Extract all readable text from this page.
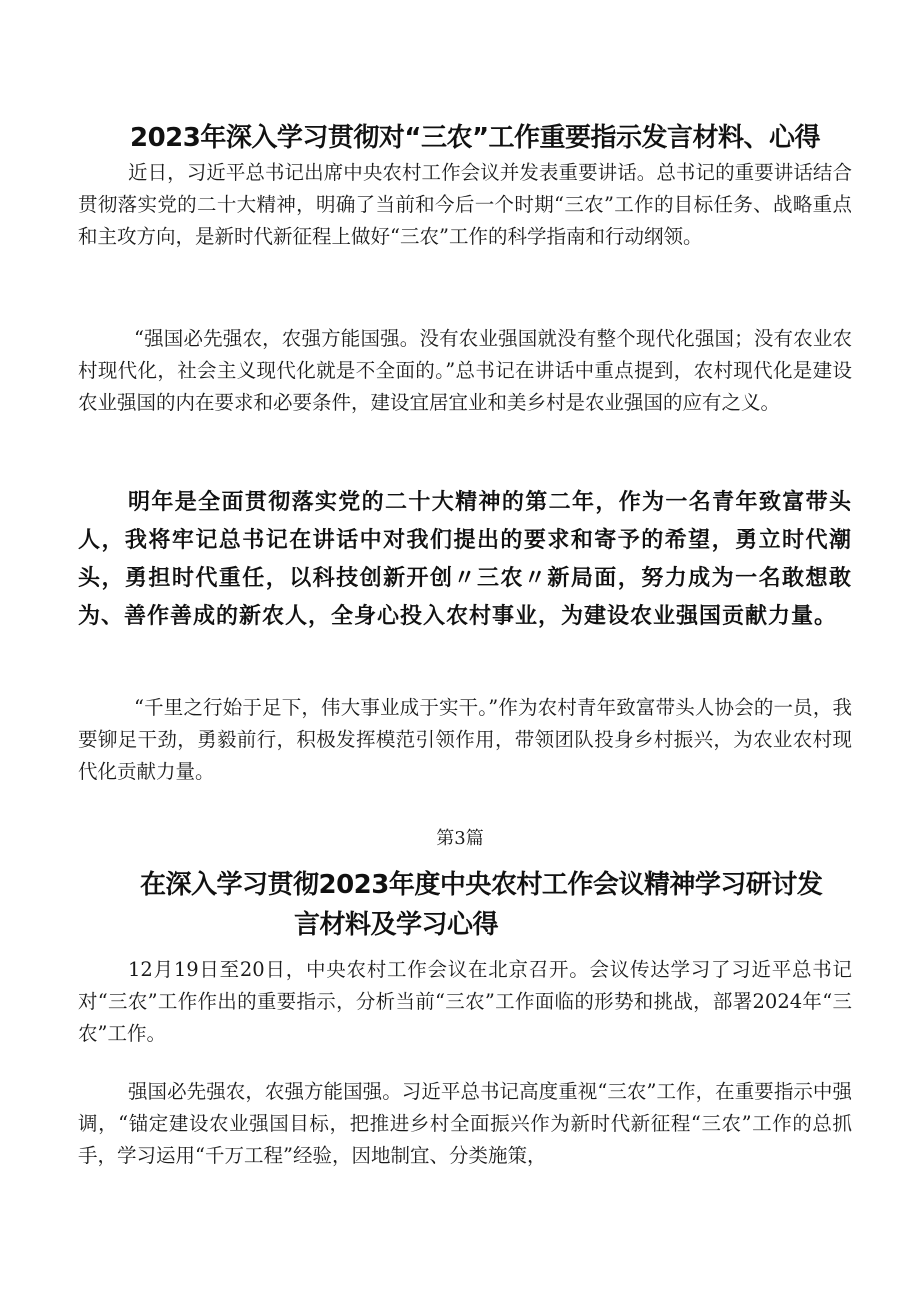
2023年深入学习贯彻对“三农”工作重要指示发言材料、心得

近日，习近平总书记出席中央农村工作会议并发表重要讲话。总书记的重要讲话结合贯彻落实党的二十大精神，明确了当前和今后一个时期“三农”工作的目标任务、战略重点和主攻方向，是新时代新征程上做好“三农”工作的科学指南和行动纲领。

“强国必先强农，农强方能国强。没有农业强国就没有整个现代化强国；没有农业农村现代化，社会主义现代化就是不全面的。”总书记在讲话中重点提到，农村现代化是建设农业强国的内在要求和必要条件，建设宜居宜业和美乡村是农业强国的应有之义。

明年是全面贯彻落实党的二十大精神的第二年，作为一名青年致富带头人，我将牢记总书记在讲话中对我们提出的要求和寄予的希望，勇立时代潮头，勇担时代重任，以科技创新开创〃三农〃新局面，努力成为一名敢想敢为、善作善成的新农人，全身心投入农村事业，为建设农业强国贡献力量。

“千里之行始于足下，伟大事业成于实干。”作为农村青年致富带头人协会的一员，我要铆足干劲，勇毅前行，积极发挥模范引领作用，带领团队投身乡村振兴，为农业农村现代化贡献力量。

第3篇
在深入学习贯彻2023年度中央农村工作会议精神学习研讨发
言材料及学习心得

12月19日至20日，中央农村工作会议在北京召开。会议传达学习了习近平总书记对“三农”工作作出的重要指示，分析当前“三农”工作面临的形势和挑战，部署2024年“三农”工作。

强国必先强农，农强方能国强。习近平总书记高度重视“三农”工作，在重要指示中强调，“锚定建设农业强国目标，把推进乡村全面振兴作为新时代新征程“三农”工作的总抓手，学习运用“千万工程”经验，因地制宜、分类施策，
